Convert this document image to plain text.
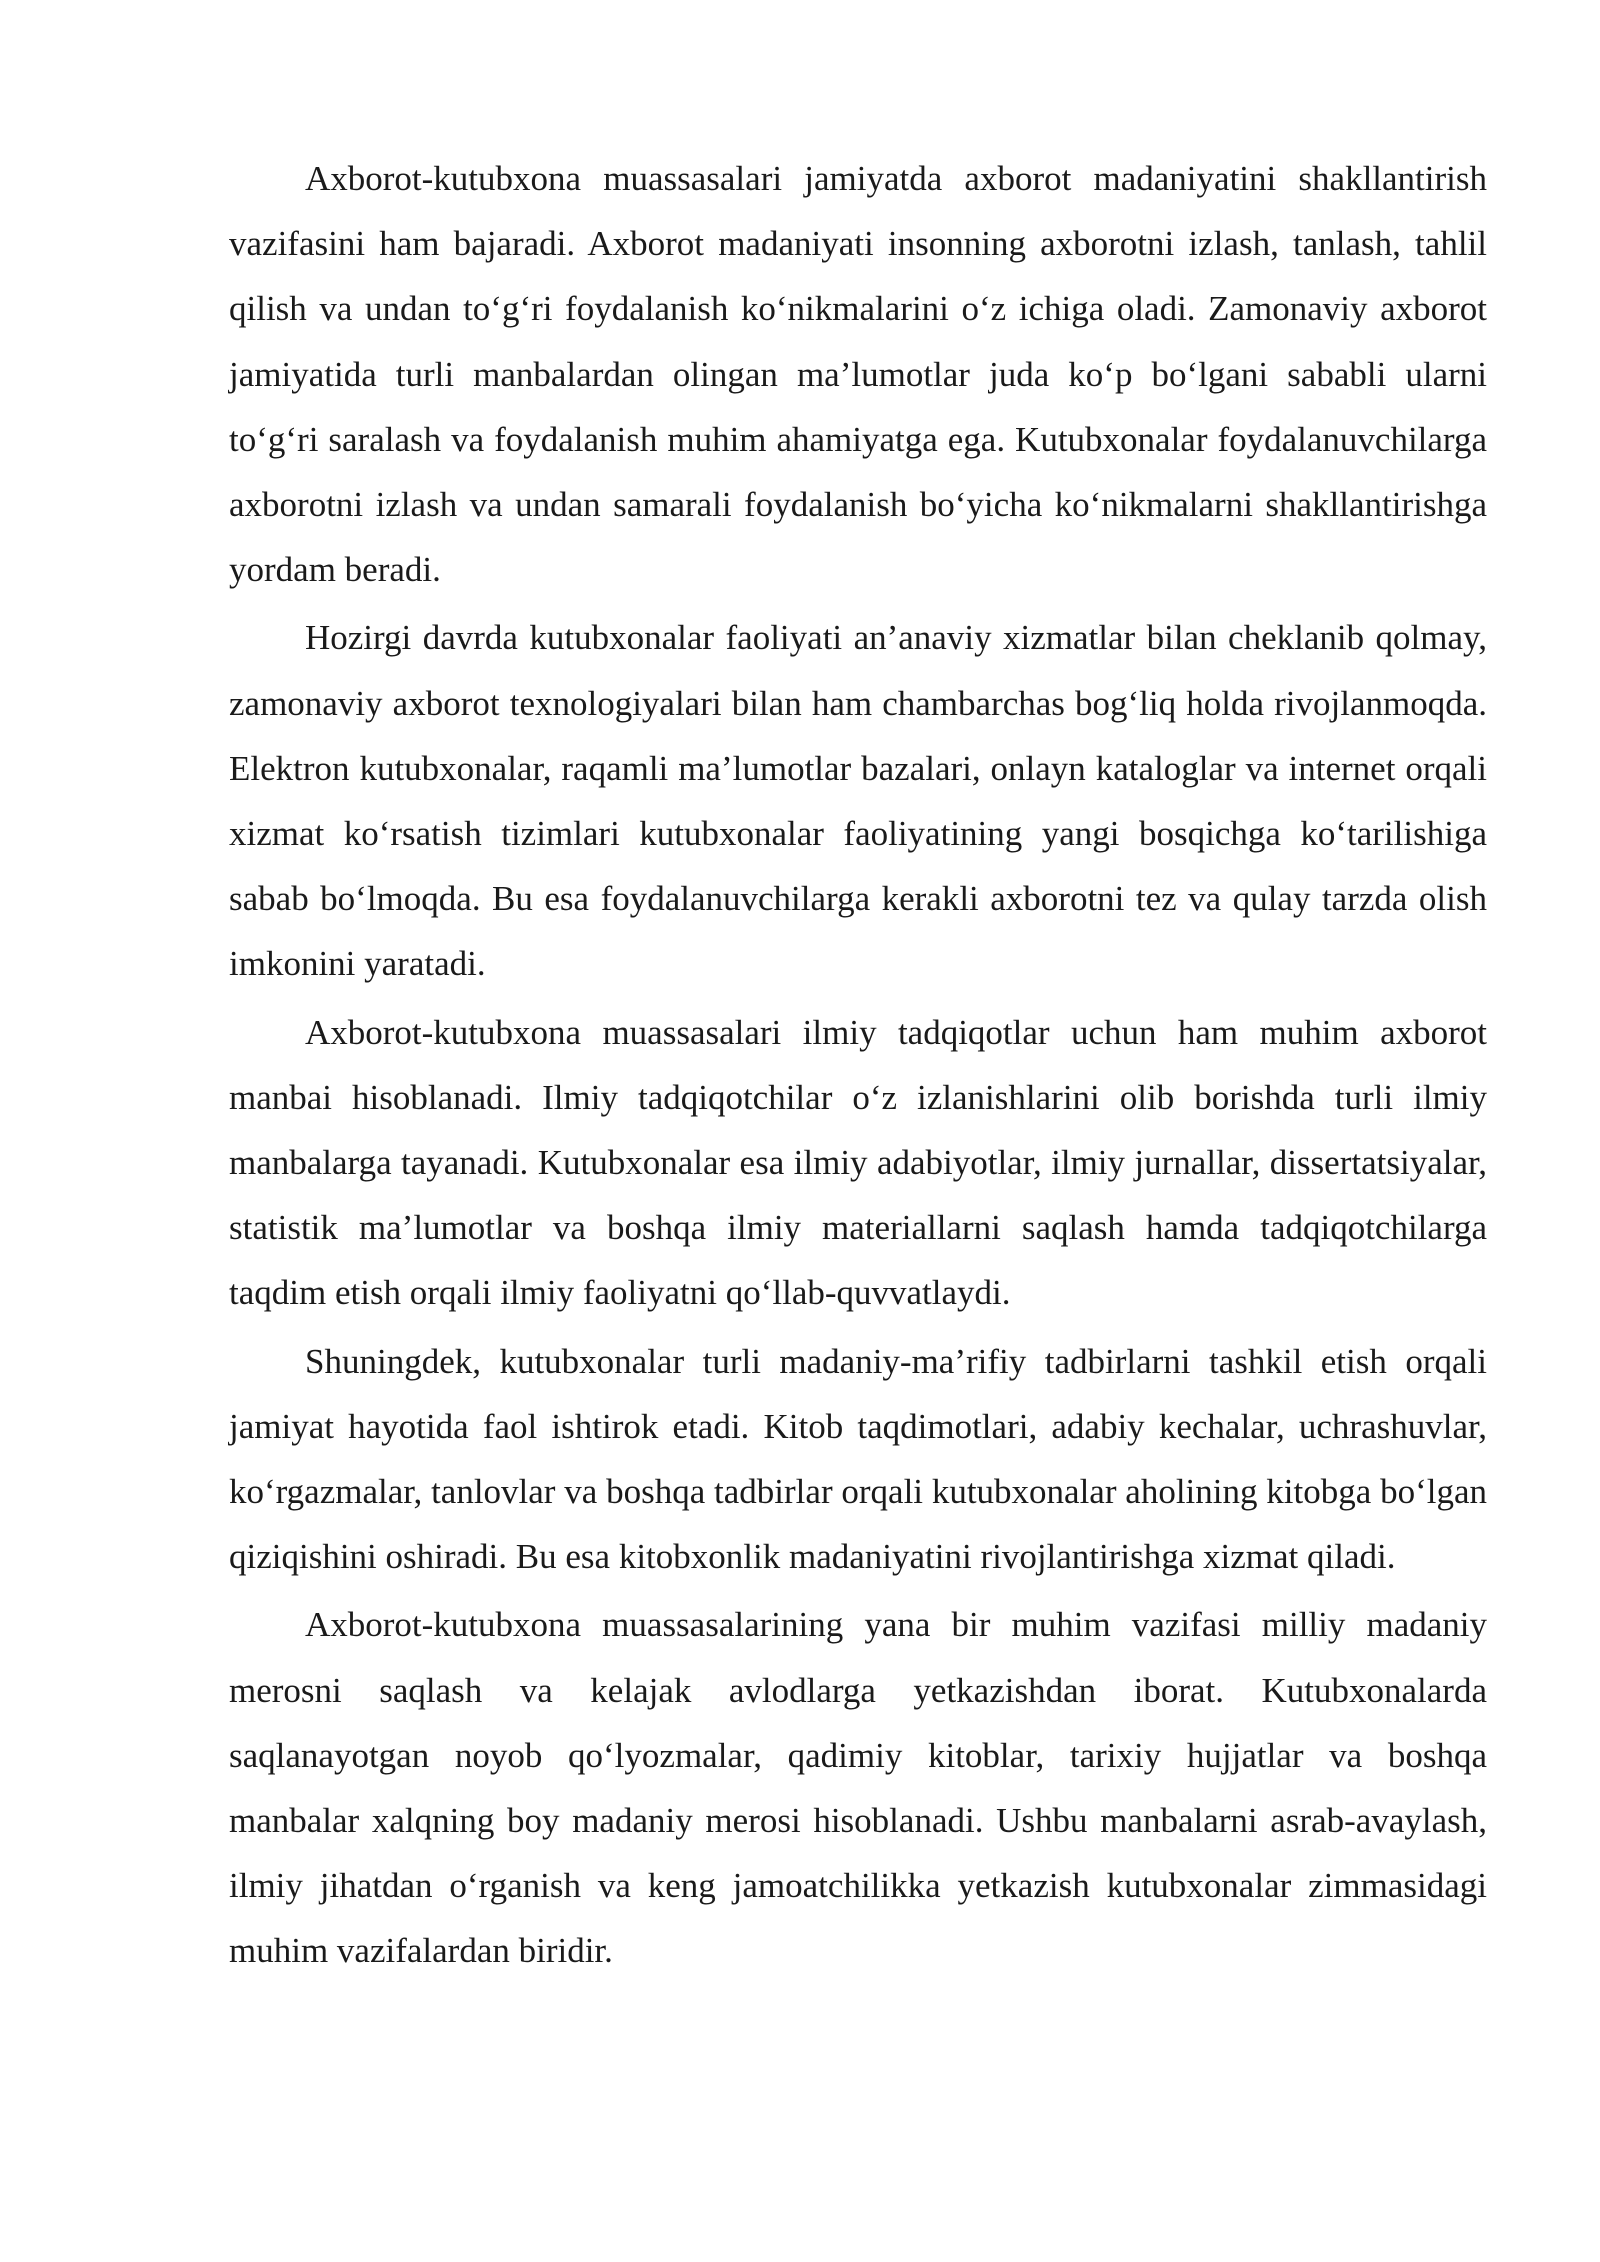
Axborot-kutubxona muassasalari jamiyatda axborot madaniyatini shakllantirish vazifasini ham bajaradi. Axborot madaniyati insonning axborotni izlash, tanlash, tahlil qilish va undan to‘g‘ri foydalanish ko‘nikmalarini o‘z ichiga oladi. Zamonaviy axborot jamiyatida turli manbalardan olingan ma’lumotlar juda ko‘p bo‘lgani sababli ularni to‘g‘ri saralash va foydalanish muhim ahamiyatga ega. Kutubxonalar foydalanuvchilarga axborotni izlash va undan samarali foydalanish bo‘yicha ko‘nikmalarni shakllantirishga yordam beradi.

Hozirgi davrda kutubxonalar faoliyati an’anaviy xizmatlar bilan cheklanib qolmay, zamonaviy axborot texnologiyalari bilan ham chambarchas bog‘liq holda rivojlanmoqda. Elektron kutubxonalar, raqamli ma’lumotlar bazalari, onlayn kataloglar va internet orqali xizmat ko‘rsatish tizimlari kutubxonalar faoliyatining yangi bosqichga ko‘tarilishiga sabab bo‘lmoqda. Bu esa foydalanuvchilarga kerakli axborotni tez va qulay tarzda olish imkonini yaratadi.

Axborot-kutubxona muassasalari ilmiy tadqiqotlar uchun ham muhim axborot manbai hisoblanadi. Ilmiy tadqiqotchilar o‘z izlanishlarini olib borishda turli ilmiy manbalarga tayanadi. Kutubxonalar esa ilmiy adabiyotlar, ilmiy jurnallar, dissertatsiyalar, statistik ma’lumotlar va boshqa ilmiy materiallarni saqlash hamda tadqiqotchilarga taqdim etish orqali ilmiy faoliyatni qo‘llab-quvvatlaydi.

Shuningdek, kutubxonalar turli madaniy-ma’rifiy tadbirlarni tashkil etish orqali jamiyat hayotida faol ishtirok etadi. Kitob taqdimotlari, adabiy kechalar, uchrashuvlar, ko‘rgazmalar, tanlovlar va boshqa tadbirlar orqali kutubxonalar aholining kitobga bo‘lgan qiziqishini oshiradi. Bu esa kitobxonlik madaniyatini rivojlantirishga xizmat qiladi.

Axborot-kutubxona muassasalarining yana bir muhim vazifasi milliy madaniy merosni saqlash va kelajak avlodlarga yetkazishdan iborat. Kutubxonalarda saqlanayotgan noyob qo‘lyozmalar, qadimiy kitoblar, tarixiy hujjatlar va boshqa manbalar xalqning boy madaniy merosi hisoblanadi. Ushbu manbalarni asrab-avaylash, ilmiy jihatdan o‘rganish va keng jamoatchilikka yetkazish kutubxonalar zimmasidagi muhim vazifalardan biridir.
